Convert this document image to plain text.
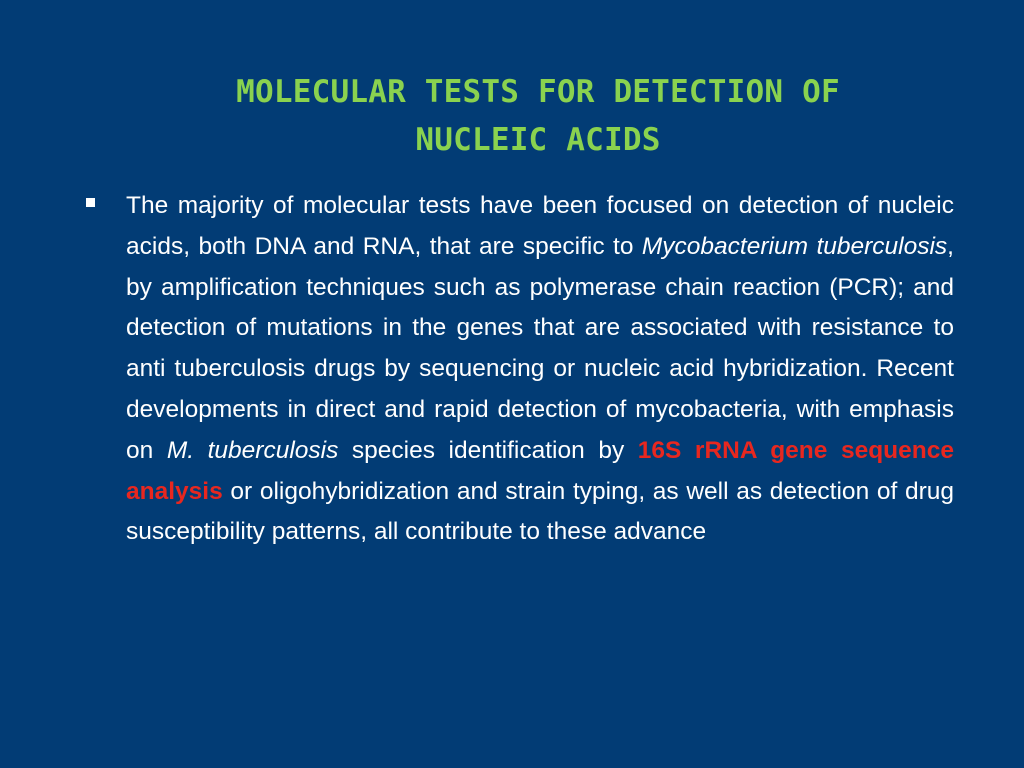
MOLECULAR TESTS FOR DETECTION OF
NUCLEIC ACIDS

The majority of molecular tests have been focused on detection of nucleic acids, both DNA and RNA, that are specific to Mycobacterium tuberculosis, by amplification techniques such as polymerase chain reaction (PCR); and detection of mutations in the genes that are associated with resistance to anti tuberculosis drugs by sequencing or nucleic acid hybridization. Recent developments in direct and rapid detection of mycobacteria, with emphasis on M. tuberculosis species identification by 16S rRNA gene sequence analysis or oligohybridization and strain typing, as well as detection of drug susceptibility patterns, all contribute to these advance
